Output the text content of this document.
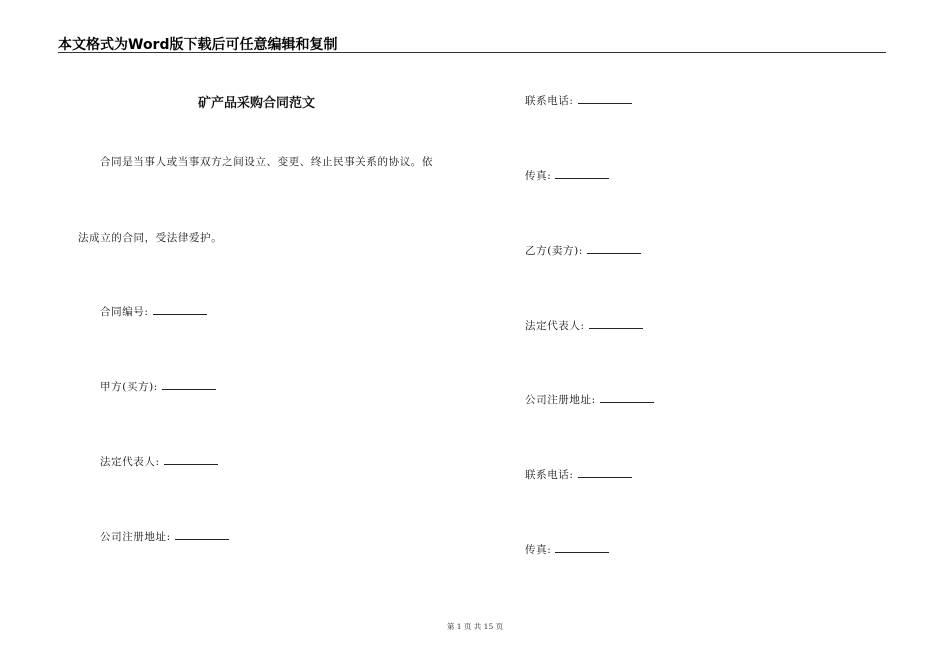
本文格式为Word版下载后可任意编辑和复制
矿产品采购合同范文
合同是当事人或当事双方之间设立、变更、终止民事关系的协议。依
法成立的合同，受法律爱护。
合同编号:
甲方(买方):
法定代表人:
公司注册地址:
联系电话:
传真:
乙方(卖方):
法定代表人:
公司注册地址:
联系电话:
传真:
第 1 页 共 15 页
